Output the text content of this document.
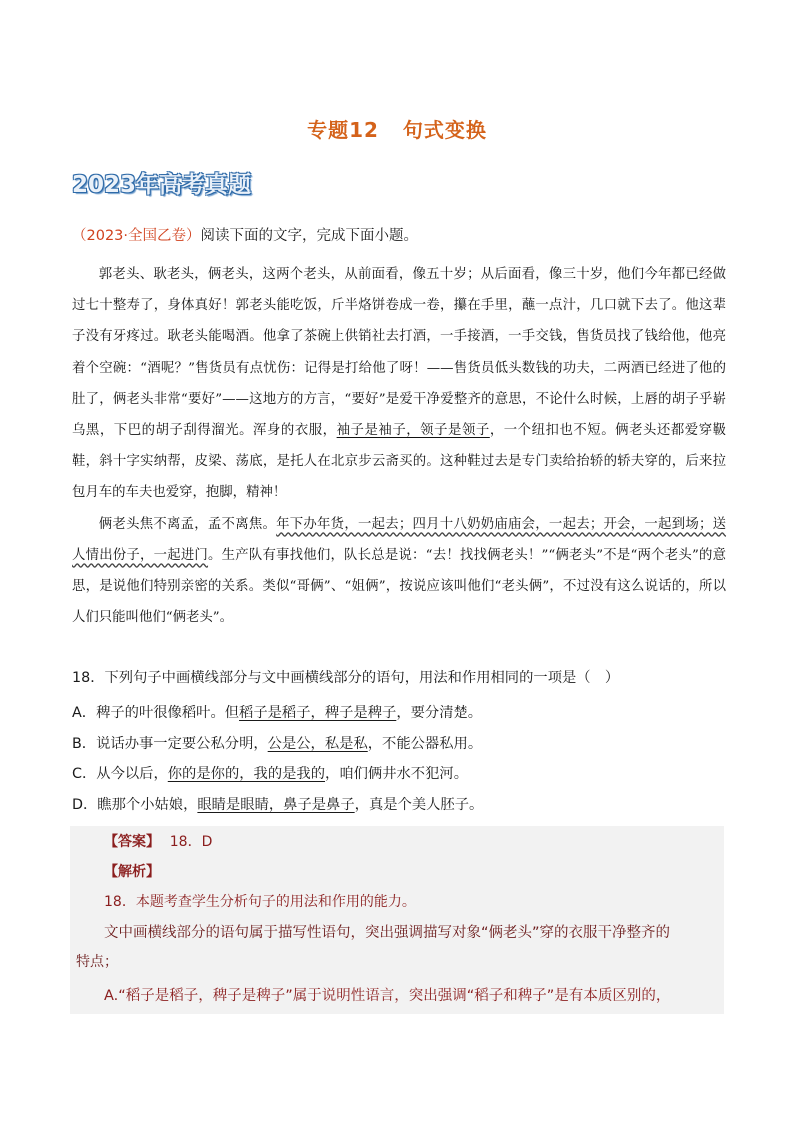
专题12 句式变换
2023年高考真题
（2023·全国乙卷）阅读下面的文字，完成下面小题。

郭老头、耿老头，俩老头，这两个老头，从前面看，像五十岁；从后面看，像三十岁，他们今年都已经做过七十整寿了，身体真好！郭老头能吃饭，斤半烙饼卷成一卷，攥在手里，蘸一点汁，几口就下去了。他这辈子没有牙疼过。耿老头能喝酒。他拿了茶碗上供销社去打酒，一手接酒，一手交钱，售货员找了钱给他，他亮着个空碗：“酒呢？”售货员有点忧伤：记得是打给他了呀！——售货员低头数钱的功夫，二两酒已经进了他的肚了，俩老头非常“要好”——这地方的方言，“要好”是爱干净爱整齐的意思，不论什么时候，上唇的胡子乎崭乌黑，下巴的胡子刮得溜光。浑身的衣服，袖子是袖子，领子是领子，一个纽扣也不短。俩老头还都爱穿靸鞋，斜十字实纳帮，皮梁、荡底，是托人在北京步云斋买的。这种鞋过去是专门卖给抬轿的轿夫穿的，后来拉包月车的车夫也爱穿，抱脚，精神！

俩老头焦不离孟，孟不离焦。年下办年货，一起去；四月十八奶奶庙庙会，一起去；开会，一起到场；送人情出份子，一起进门。生产队有事找他们，队长总是说：“去！找找俩老头！”“俩老头”不是“两个老头”的意思，是说他们特别亲密的关系。类似“哥俩”、“姐俩”，按说应该叫他们“老头俩”，不过没有这么说话的，所以人们只能叫他们“俩老头”。

18．下列句子中画横线部分与文中画横线部分的语句，用法和作用相同的一项是（　）
A．稗子的叶很像稻叶。但稻子是稻子，稗子是稗子，要分清楚。
B．说话办事一定要公私分明，公是公，私是私，不能公器私用。
C．从今以后，你的是你的，我的是我的，咱们俩井水不犯河。
D．瞧那个小姑娘，眼睛是眼睛，鼻子是鼻子，真是个美人胚子。
【答案】 18．D
【解析】
18．本题考查学生分析句子的用法和作用的能力。
文中画横线部分的语句属于描写性语句，突出强调描写对象“俩老头”穿的衣服干净整齐的
特点；
A.“稻子是稻子，稗子是稗子”属于说明性语言，突出强调“稻子和稗子”是有本质区别的，
